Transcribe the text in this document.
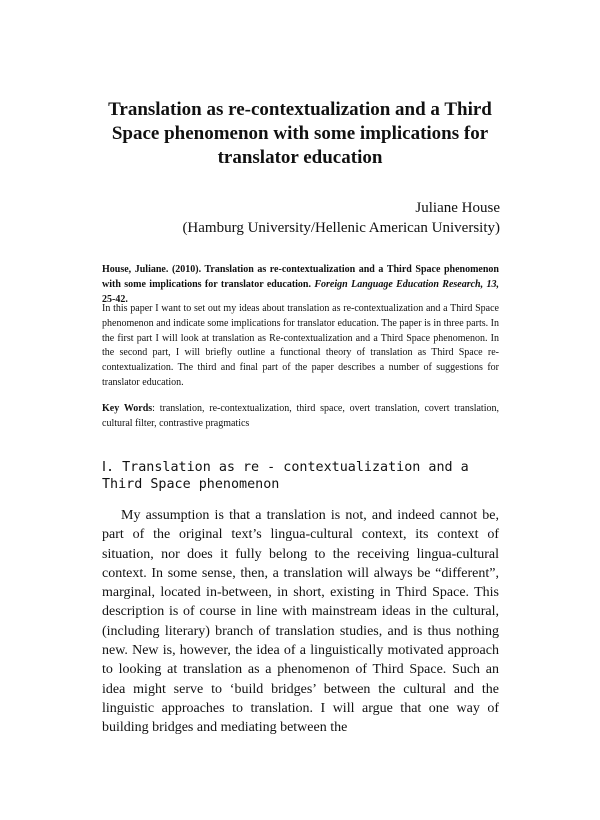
Translation as re‑contextualization and a Third Space phenomenon with some implications for translator education
Juliane House
(Hamburg University/Hellenic American University)
House, Juliane. (2010). Translation as re-contextualization and a Third Space phenomenon with some implications for translator education. Foreign Language Education Research, 13, 25-42.
In this paper I want to set out my ideas about translation as re-contextualization and a Third Space phenomenon and indicate some implications for translator education. The paper is in three parts. In the first part I will look at translation as Re-contextualization and a Third Space phenomenon. In the second part, I will briefly outline a functional theory of translation as Third Space re-contextualization. The third and final part of the paper describes a number of suggestions for translator education.
Key Words: translation, re-contextualization, third space, overt translation, covert translation, cultural filter, contrastive pragmatics
Ⅰ. Translation as re - contextualization and a Third Space phenomenon
My assumption is that a translation is not, and indeed cannot be, part of the original text’s lingua-cultural context, its context of situation, nor does it fully belong to the receiving lingua-cultural context. In some sense, then, a translation will always be “different”, marginal, located in-between, in short, existing in Third Space. This description is of course in line with mainstream ideas in the cultural, (including literary) branch of translation studies, and is thus nothing new. New is, however, the idea of a linguistically motivated approach to looking at translation as a phenomenon of Third Space. Such an idea might serve to ‘build bridges’ between the cultural and the linguistic approaches to translation. I will argue that one way of building bridges and mediating between the
